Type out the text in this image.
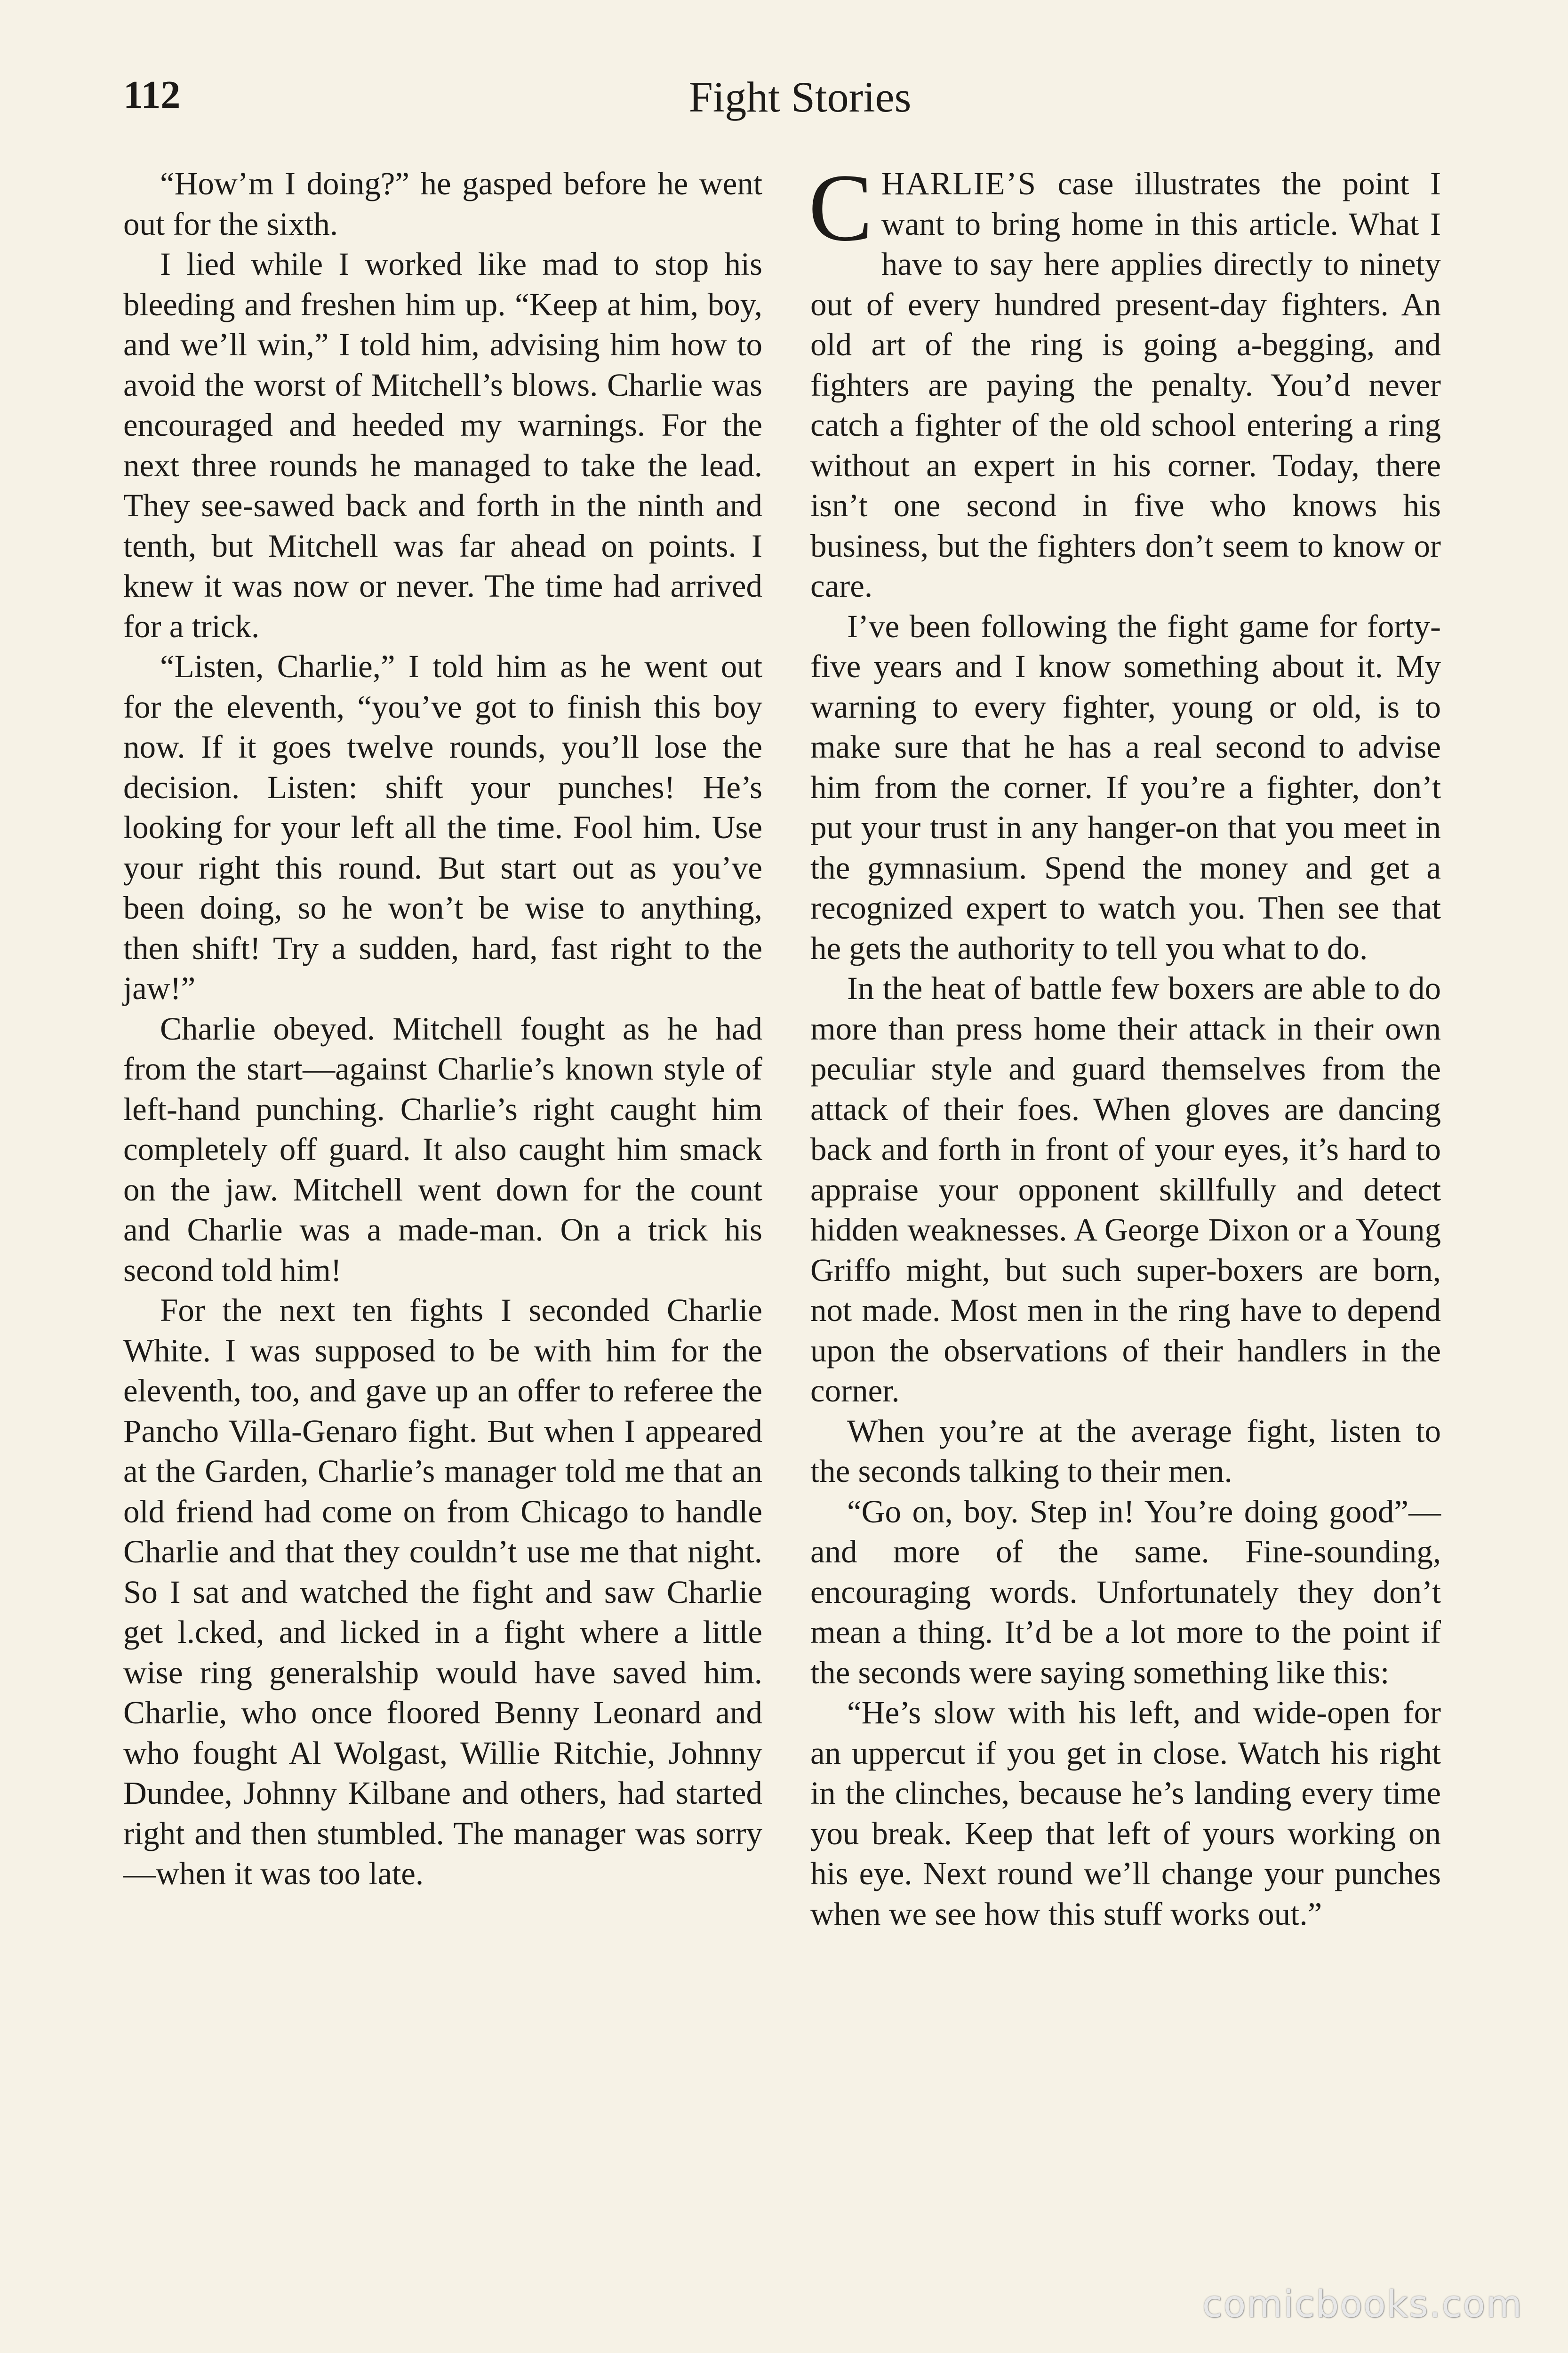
112	Fight Stories

“How’m I doing?” he gasped before he went out for the sixth.

I lied while I worked like mad to stop his bleeding and freshen him up. “Keep at him, boy, and we’ll win,” I told him, advising him how to avoid the worst of Mitchell’s blows. Charlie was encouraged and heeded my warnings. For the next three rounds he managed to take the lead. They see-sawed back and forth in the ninth and tenth, but Mitchell was far ahead on points. I knew it was now or never. The time had arrived for a trick.

“Listen, Charlie,” I told him as he went out for the eleventh, “you’ve got to finish this boy now. If it goes twelve rounds, you’ll lose the decision. Listen: shift your punches! He’s looking for your left all the time. Fool him. Use your right this round. But start out as you’ve been doing, so he won’t be wise to anything, then shift! Try a sudden, hard, fast right to the jaw!”

Charlie obeyed. Mitchell fought as he had from the start—against Charlie’s known style of left-hand punching. Charlie’s right caught him completely off guard. It also caught him smack on the jaw. Mitchell went down for the count and Charlie was a made-man. On a trick his second told him!

For the next ten fights I seconded Charlie White. I was supposed to be with him for the eleventh, too, and gave up an offer to referee the Pancho Villa-Genaro fight. But when I appeared at the Garden, Charlie’s manager told me that an old friend had come on from Chicago to handle Charlie and that they couldn’t use me that night. So I sat and watched the fight and saw Charlie get l.cked, and licked in a fight where a little wise ring generalship would have saved him. Charlie, who once floored Benny Leonard and who fought Al Wolgast, Willie Ritchie, Johnny Dundee, Johnny Kilbane and others, had started right and then stumbled. The manager was sorry—when it was too late.

CHARLIE’S case illustrates the point I want to bring home in this article. What I have to say here applies directly to ninety out of every hundred present-day fighters. An old art of the ring is going a-begging, and fighters are paying the penalty. You’d never catch a fighter of the old school entering a ring without an expert in his corner. Today, there isn’t one second in five who knows his business, but the fighters don’t seem to know or care.

I’ve been following the fight game for forty-five years and I know something about it. My warning to every fighter, young or old, is to make sure that he has a real second to advise him from the corner. If you’re a fighter, don’t put your trust in any hanger-on that you meet in the gymnasium. Spend the money and get a recognized expert to watch you. Then see that he gets the authority to tell you what to do.

In the heat of battle few boxers are able to do more than press home their attack in their own peculiar style and guard themselves from the attack of their foes. When gloves are dancing back and forth in front of your eyes, it’s hard to appraise your opponent skillfully and detect hidden weaknesses. A George Dixon or a Young Griffo might, but such super-boxers are born, not made. Most men in the ring have to depend upon the observations of their handlers in the corner.

When you’re at the average fight, listen to the seconds talking to their men.

“Go on, boy. Step in! You’re doing good”—and more of the same. Fine-sounding, encouraging words. Unfortunately they don’t mean a thing. It’d be a lot more to the point if the seconds were saying something like this:

“He’s slow with his left, and wide-open for an uppercut if you get in close. Watch his right in the clinches, because he’s landing every time you break. Keep that left of yours working on his eye. Next round we’ll change your punches when we see how this stuff works out.”

comicbooks.com
